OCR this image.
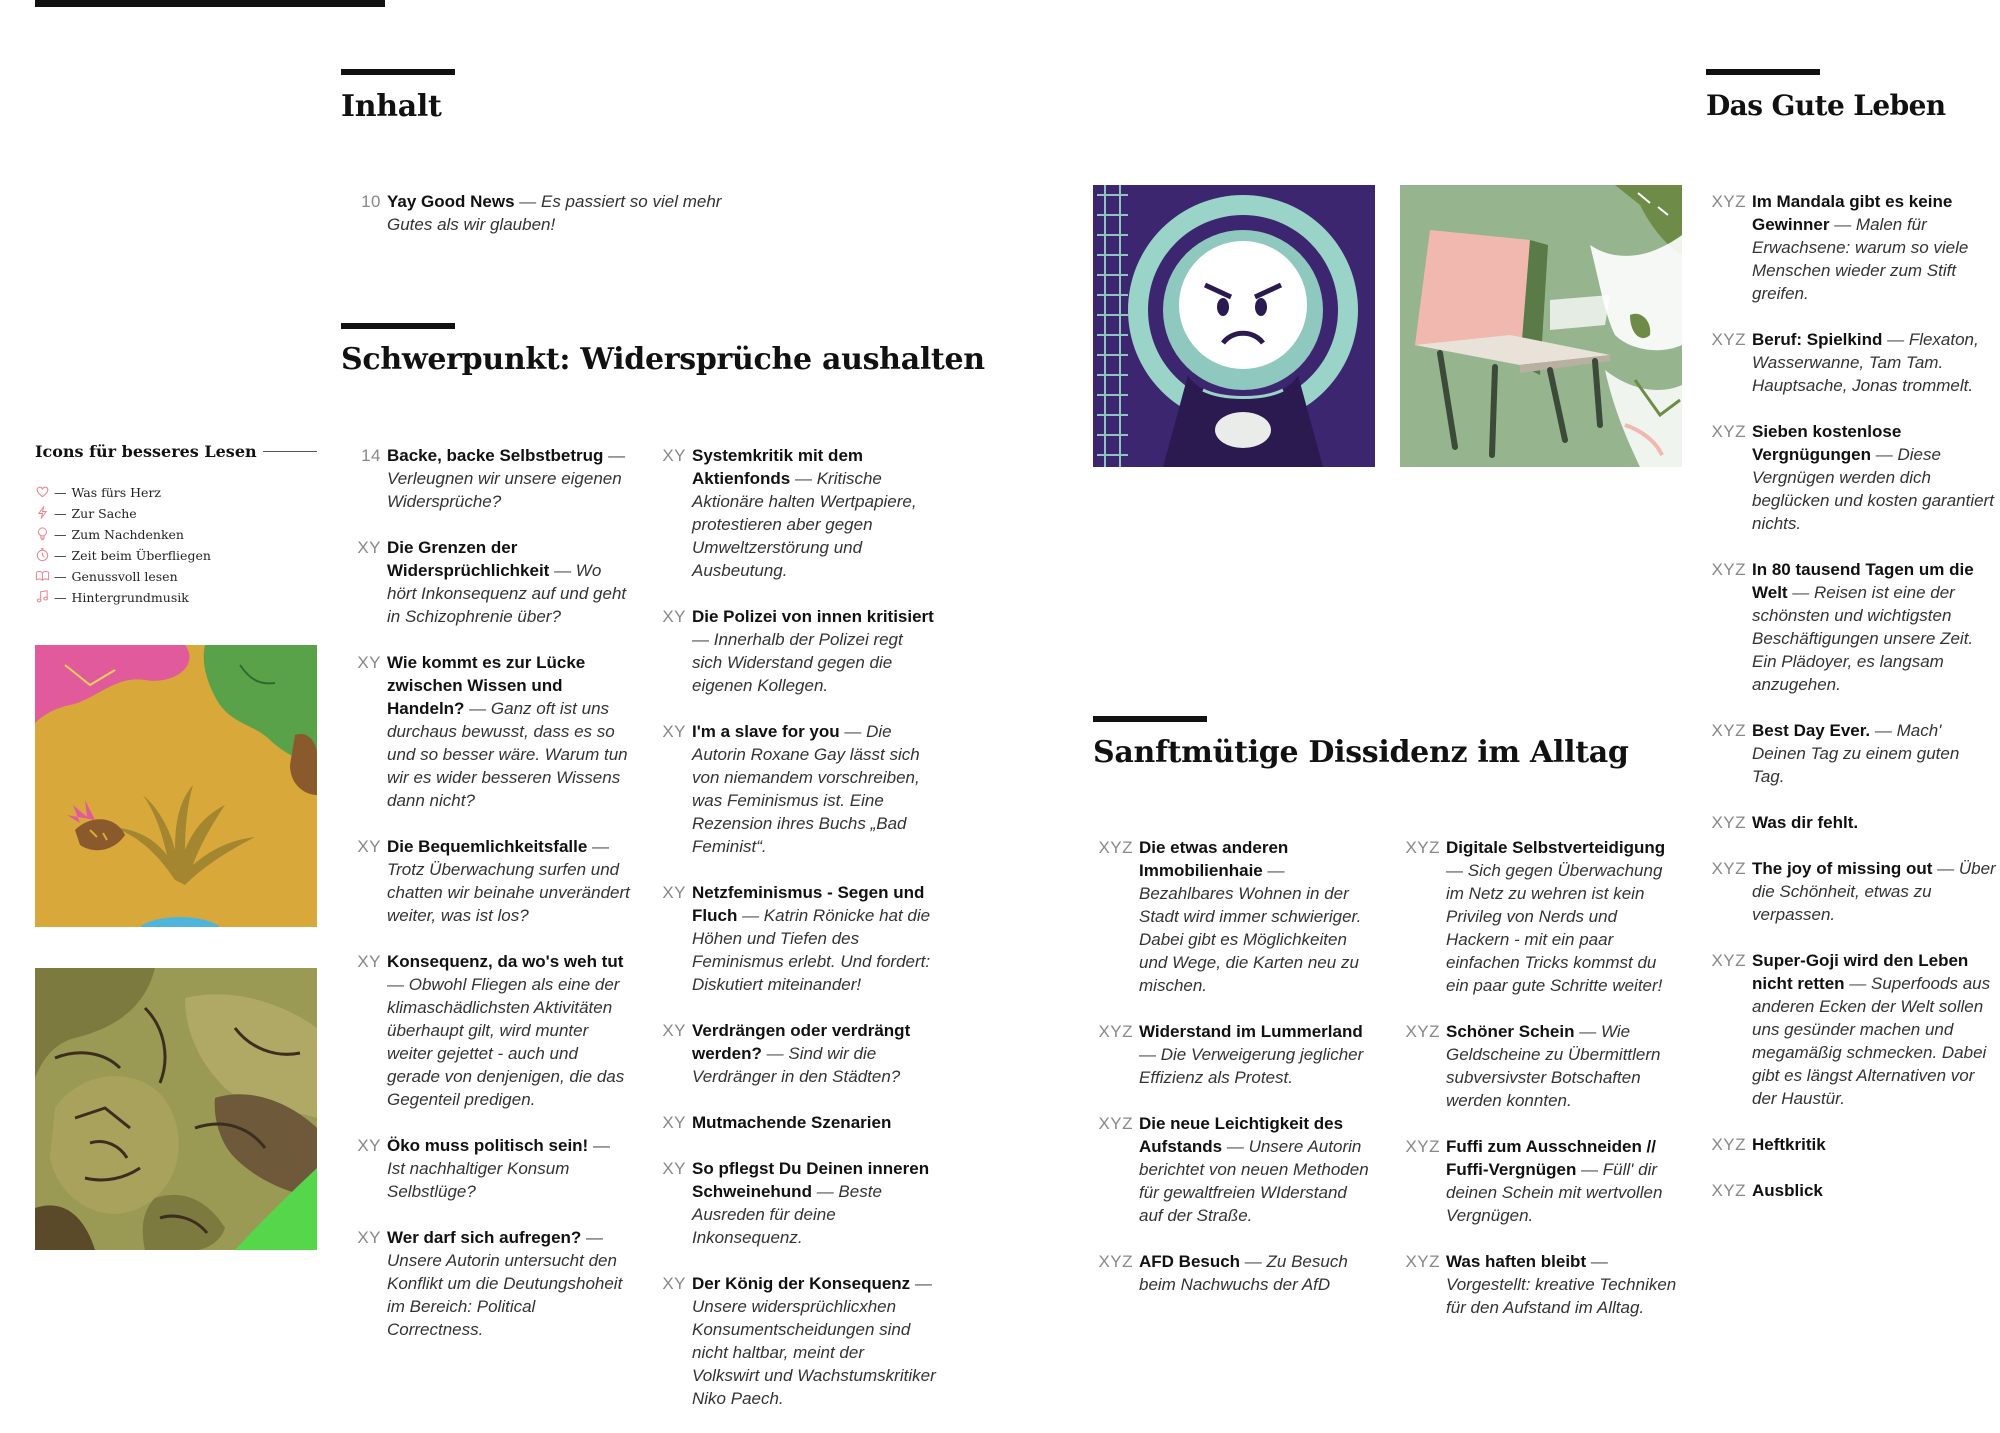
Inhalt
10 Yay Good News — Es passiert so viel mehr Gutes als wir glauben!
Schwerpunkt: Widersprüche aushalten
14 Backe, backe Selbstbetrug — Verleugnen wir unsere eigenen Widersprüche?
XY Die Grenzen der Widersprüchlichkeit — Wo hört Inkonsequenz auf und geht in Schizophrenie über?
XY Wie kommt es zur Lücke zwischen Wissen und Handeln? — Ganz oft ist uns durchaus bewusst, dass es so und so besser wäre. Warum tun wir es wider besseren Wissens dann nicht?
XY Die Bequemlichkeitsfalle — Trotz Überwachung surfen und chatten wir beinahe unverändert weiter, was ist los?
XY Konsequenz, da wo's weh tut — Obwohl Fliegen als eine der klimaschädlichsten Aktivitäten überhaupt gilt, wird munter weiter gejettet - auch und gerade von denjenigen, die das Gegenteil predigen.
XY Öko muss politisch sein! — Ist nachhaltiger Konsum Selbstlüge?
XY Wer darf sich aufregen? — Unsere Autorin untersucht den Konflikt um die Deutungshoheit im Bereich: Political Correctness.
XY Systemkritik mit dem Aktienfonds — Kritische Aktionäre halten Wertpapiere, protestieren aber gegen Umweltzerstörung und Ausbeutung.
XY Die Polizei von innen kritisiert — Innerhalb der Polizei regt sich Widerstand gegen die eigenen Kollegen.
XY I'm a slave for you — Die Autorin Roxane Gay lässt sich von niemandem vorschreiben, was Feminismus ist. Eine Rezension ihres Buchs „Bad Feminist“.
XY Netzfeminismus - Segen und Fluch — Katrin Rönicke hat die Höhen und Tiefen des Feminismus erlebt. Und fordert: Diskutiert miteinander!
XY Verdrängen oder verdrängt werden? — Sind wir die Verdränger in den Städten?
XY Mutmachende Szenarien
XY So pflegst Du Deinen inneren Schweinehund — Beste Ausreden für deine Inkonsequenz.
XY Der König der Konsequenz — Unsere widersprüchlicxhen Konsumentscheidungen sind nicht haltbar, meint der Volkswirt und Wachstumskritiker Niko Paech.
Icons für besseres Lesen
— Was fürs Herz
— Zur Sache
— Zum Nachdenken
— Zeit beim Überfliegen
— Genussvoll lesen
— Hintergrundmusik
Sanftmütige Dissidenz im Alltag
XYZ Die etwas anderen Immobilienhaie — Bezahlbares Wohnen in der Stadt wird immer schwieriger. Dabei gibt es Möglichkeiten und Wege, die Karten neu zu mischen.
XYZ Widerstand im Lummerland — Die Verweigerung jeglicher Effizienz als Protest.
XYZ Die neue Leichtigkeit des Aufstands — Unsere Autorin berichtet von neuen Methoden für gewaltfreien WIderstand auf der Straße.
XYZ AFD Besuch — Zu Besuch beim Nachwuchs der AfD
XYZ Digitale Selbstverteidigung — Sich gegen Überwachung im Netz zu wehren ist kein Privileg von Nerds und Hackern - mit ein paar einfachen Tricks kommst du ein paar gute Schritte weiter!
XYZ Schöner Schein — Wie Geldscheine zu Übermittlern subversivster Botschaften werden konnten.
XYZ Fuffi zum Ausschneiden // Fuffi-Vergnügen — Füll' dir deinen Schein mit wertvollen Vergnügen.
XYZ Was haften bleibt — Vorgestellt: kreative Techniken für den Aufstand im Alltag.
Das Gute Leben
XYZ Im Mandala gibt es keine Gewinner — Malen für Erwachsene: warum so viele Menschen wieder zum Stift greifen.
XYZ Beruf: Spielkind — Flexaton, Wasserwanne, Tam Tam. Hauptsache, Jonas trommelt.
XYZ Sieben kostenlose Vergnügungen — Diese Vergnügen werden dich beglücken und kosten garantiert nichts.
XYZ In 80 tausend Tagen um die Welt — Reisen ist eine der schönsten und wichtigsten Beschäftigungen unsere Zeit. Ein Plädoyer, es langsam anzugehen.
XYZ Best Day Ever. — Mach' Deinen Tag zu einem guten Tag.
XYZ Was dir fehlt.
XYZ The joy of missing out — Über die Schönheit, etwas zu verpassen.
XYZ Super-Goji wird den Leben nicht retten — Superfoods aus anderen Ecken der Welt sollen uns gesünder machen und megamäßig schmecken. Dabei gibt es längst Alternativen vor der Haustür.
XYZ Heftkritik
XYZ Ausblick
